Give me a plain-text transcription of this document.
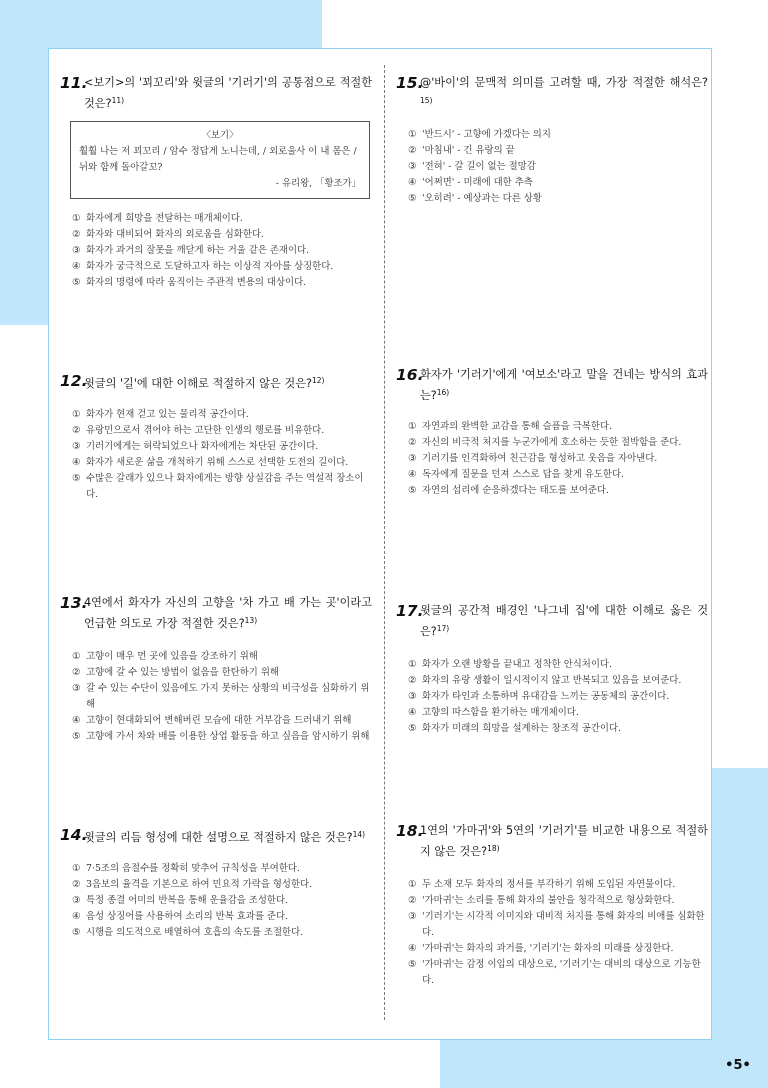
11.
<보기>의 '꾀꼬리'와 윗글의 '기러기'의 공통점으로 적절한 것은?$^{11)}$
〈보기〉
훨훨 나는 저 꾀꼬리 / 암수 정답게 노니는데, / 외로울사 이 내 몸은 / 뉘와 함께 돌아갈꼬?
- 유리왕, 「황조가」
① 화자에게 희망을 전달하는 매개체이다.
② 화자와 대비되어 화자의 외로움을 심화한다.
③ 화자가 과거의 잘못을 깨닫게 하는 거울 같은 존재이다.
④ 화자가 궁극적으로 도달하고자 하는 이상적 자아를 상징한다.
⑤ 화자의 명령에 따라 움직이는 주관적 변용의 대상이다.
12.
윗글의 '길'에 대한 이해로 적절하지 않은 것은?$^{12)}$
① 화자가 현재 걷고 있는 물리적 공간이다.
② 유랑민으로서 겪어야 하는 고단한 인생의 행로를 비유한다.
③ 기러기에게는 허락되었으나 화자에게는 차단된 공간이다.
④ 화자가 새로운 삶을 개척하기 위해 스스로 선택한 도전의 길이다.
⑤ 수많은 갈래가 있으나 화자에게는 방향 상실감을 주는 역설적 장소이다.
13.
4연에서 화자가 자신의 고향을 '차 가고 배 가는 곳'이라고 언급한 의도로 가장 적절한 것은?$^{13)}$
① 고향이 매우 먼 곳에 있음을 강조하기 위해
② 고향에 갈 수 있는 방법이 없음을 한탄하기 위해
③ 갈 수 있는 수단이 있음에도 가지 못하는 상황의 비극성을 심화하기 위해
④ 고향이 현대화되어 변해버린 모습에 대한 거부감을 드러내기 위해
⑤ 고향에 가서 차와 배를 이용한 상업 활동을 하고 싶음을 암시하기 위해
14.
윗글의 리듬 형성에 대한 설명으로 적절하지 않은 것은?$^{14)}$
① 7·5조의 음절수를 정확히 맞추어 규칙성을 부여한다.
② 3음보의 율격을 기본으로 하여 민요적 가락을 형성한다.
③ 특정 종결 어미의 반복을 통해 운율감을 조성한다.
④ 음성 상징어를 사용하여 소리의 반복 효과를 준다.
⑤ 시행을 의도적으로 배열하여 호흡의 속도를 조절한다.
15.
@'바이'의 문맥적 의미를 고려할 때, 가장 적절한 해석은?$^{15)}$
① '반드시' - 고향에 가겠다는 의지
② '마침내' - 긴 유랑의 끝
③ '전혀' - 갈 길이 없는 절망감
④ '어쩌면' - 미래에 대한 추측
⑤ '오히려' - 예상과는 다른 상황
16.
화자가 '기러기'에게 '여보소'라고 말을 건네는 방식의 효과는?$^{16)}$
① 자연과의 완벽한 교감을 통해 슬픔을 극복한다.
② 자신의 비극적 처지를 누군가에게 호소하는 듯한 절박함을 준다.
③ 기러기를 인격화하여 친근감을 형성하고 웃음을 자아낸다.
④ 독자에게 질문을 던져 스스로 답을 찾게 유도한다.
⑤ 자연의 섭리에 순응하겠다는 태도를 보여준다.
17.
윗글의 공간적 배경인 '나그네 집'에 대한 이해로 옳은 것은?$^{17)}$
① 화자가 오랜 방황을 끝내고 정착한 안식처이다.
② 화자의 유랑 생활이 일시적이지 않고 반복되고 있음을 보여준다.
③ 화자가 타인과 소통하며 유대감을 느끼는 공동체의 공간이다.
④ 고향의 따스함을 환기하는 매개체이다.
⑤ 화자가 미래의 희망을 설계하는 창조적 공간이다.
18.
1연의 '가마귀'와 5연의 '기러기'를 비교한 내용으로 적절하지 않은 것은?$^{18)}$
① 두 소재 모두 화자의 정서를 부각하기 위해 도입된 자연물이다.
② '가마귀'는 소리를 통해 화자의 불안을 청각적으로 형상화한다.
③ '기러기'는 시각적 이미지와 대비적 처지를 통해 화자의 비애를 심화한다.
④ '가마귀'는 화자의 과거를, '기러기'는 화자의 미래를 상징한다.
⑤ '가마귀'는 감정 이입의 대상으로, '기러기'는 대비의 대상으로 기능한다.
•5•
